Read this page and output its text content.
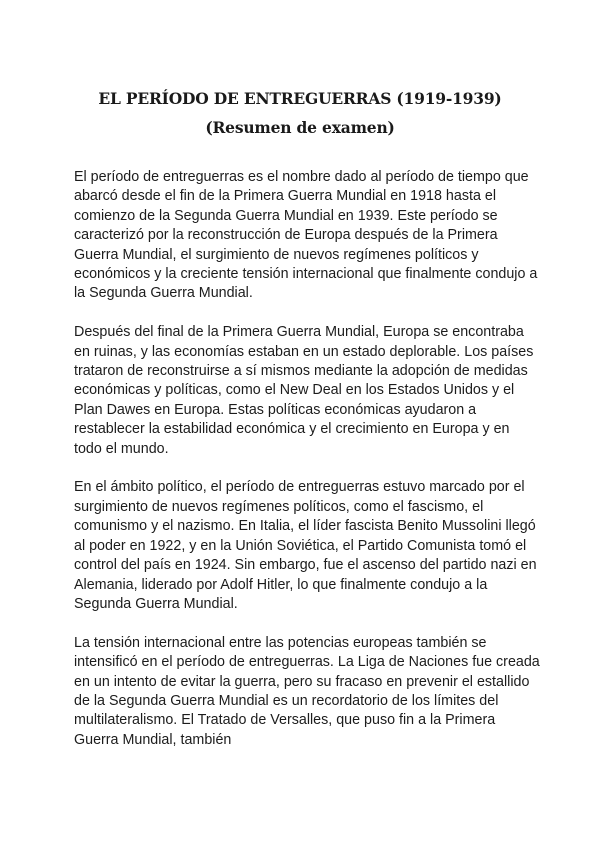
EL PERÍODO DE ENTREGUERRAS (1919-1939)
(Resumen de examen)

El período de entreguerras es el nombre dado al período de tiempo que abarcó desde el fin de la Primera Guerra Mundial en 1918 hasta el comienzo de la Segunda Guerra Mundial en 1939. Este período se caracterizó por la reconstrucción de Europa después de la Primera Guerra Mundial, el surgimiento de nuevos regímenes políticos y económicos y la creciente tensión internacional que finalmente condujo a la Segunda Guerra Mundial.

Después del final de la Primera Guerra Mundial, Europa se encontraba en ruinas, y las economías estaban en un estado deplorable. Los países trataron de reconstruirse a sí mismos mediante la adopción de medidas económicas y políticas, como el New Deal en los Estados Unidos y el Plan Dawes en Europa. Estas políticas económicas ayudaron a restablecer la estabilidad económica y el crecimiento en Europa y en todo el mundo.

En el ámbito político, el período de entreguerras estuvo marcado por el surgimiento de nuevos regímenes políticos, como el fascismo, el comunismo y el nazismo. En Italia, el líder fascista Benito Mussolini llegó al poder en 1922, y en la Unión Soviética, el Partido Comunista tomó el control del país en 1924. Sin embargo, fue el ascenso del partido nazi en Alemania, liderado por Adolf Hitler, lo que finalmente condujo a la Segunda Guerra Mundial.

La tensión internacional entre las potencias europeas también se intensificó en el período de entreguerras. La Liga de Naciones fue creada en un intento de evitar la guerra, pero su fracaso en prevenir el estallido de la Segunda Guerra Mundial es un recordatorio de los límites del multilateralismo. El Tratado de Versalles, que puso fin a la Primera Guerra Mundial, también
